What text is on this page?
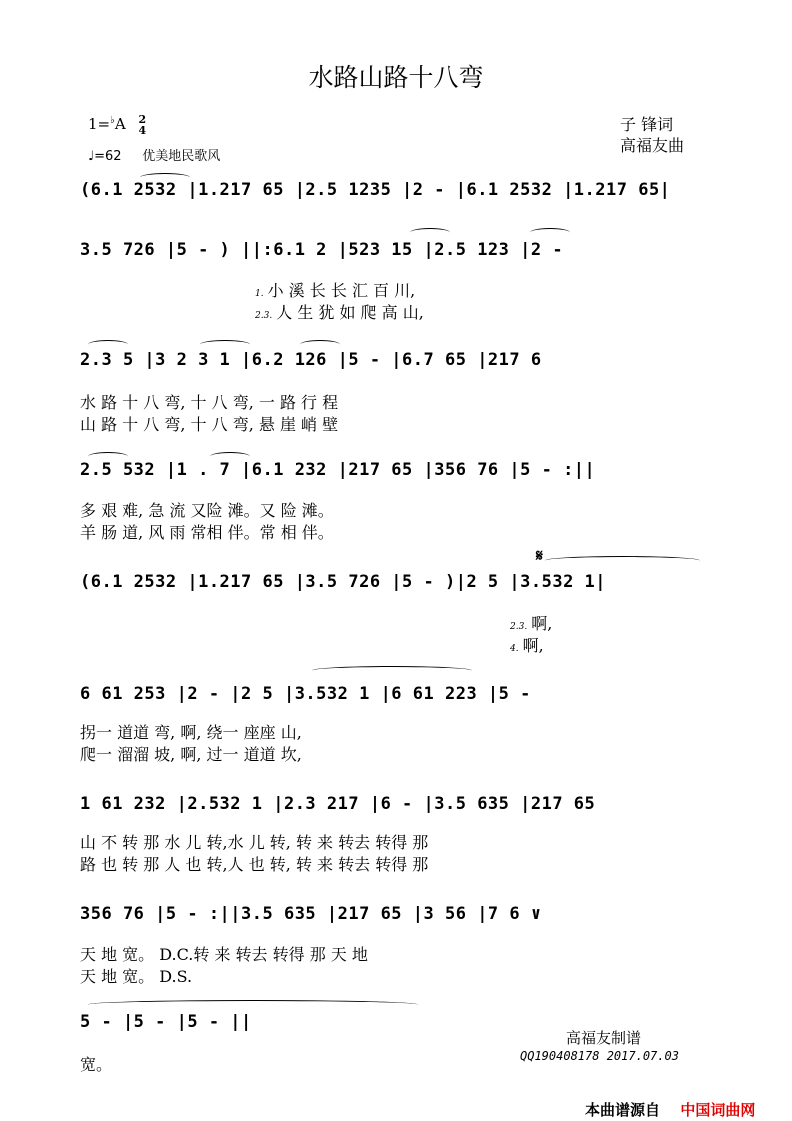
水路山路十八弯
1=♭A 2
4
♩=62 优美地民歌风
子 锋词
高福友曲
(6.1 2532 |1.217 65 |2.5 1235 |2 - |6.1 2532 |1.217 65|
3.5 726 |5 - ) ||:6.1 2 |523 15 |2.5 123 |2 -
1. 小 溪 长 长 汇 百 川,
2.3. 人 生 犹 如 爬 高 山,
2.3 5 |3 2 3 1 |6.2 126 |5 - |6.7 65 |217 6
水 路 十 八 弯, 十 八 弯, 一 路 行 程
山 路 十 八 弯, 十 八 弯, 悬 崖 峭 壁
2.5 532 |1 . 7 |6.1 232 |217 65 |356 76 |5 - :||
多 艰 难, 急 流 又险 滩。又 险 滩。
羊 肠 道, 风 雨 常相 伴。常 相 伴。
𝄋
(6.1 2532 |1.217 65 |3.5 726 |5 - )|2 5 |3.532 1|
2.3. 啊,
4. 啊,
6 61 253 |2 - |2 5 |3.532 1 |6 61 223 |5 -
拐一 道道 弯, 啊, 绕一 座座 山,
爬一 溜溜 坡, 啊, 过一 道道 坎,
1 61 232 |2.532 1 |2.3 217 |6 - |3.5 635 |217 65
山 不 转 那 水 儿 转,水 儿 转, 转 来 转去 转得 那
路 也 转 那 人 也 转,人 也 转, 转 来 转去 转得 那
356 76 |5 - :||3.5 635 |217 65 |3 56 |7 6 ∨
天 地 宽。 D.C.转 来 转去 转得 那 天 地
天 地 宽。 D.S.
5 - |5 - |5 - ||
宽。
高福友制谱
QQ190408178 2017.07.03
本曲谱源自 中国词曲网
